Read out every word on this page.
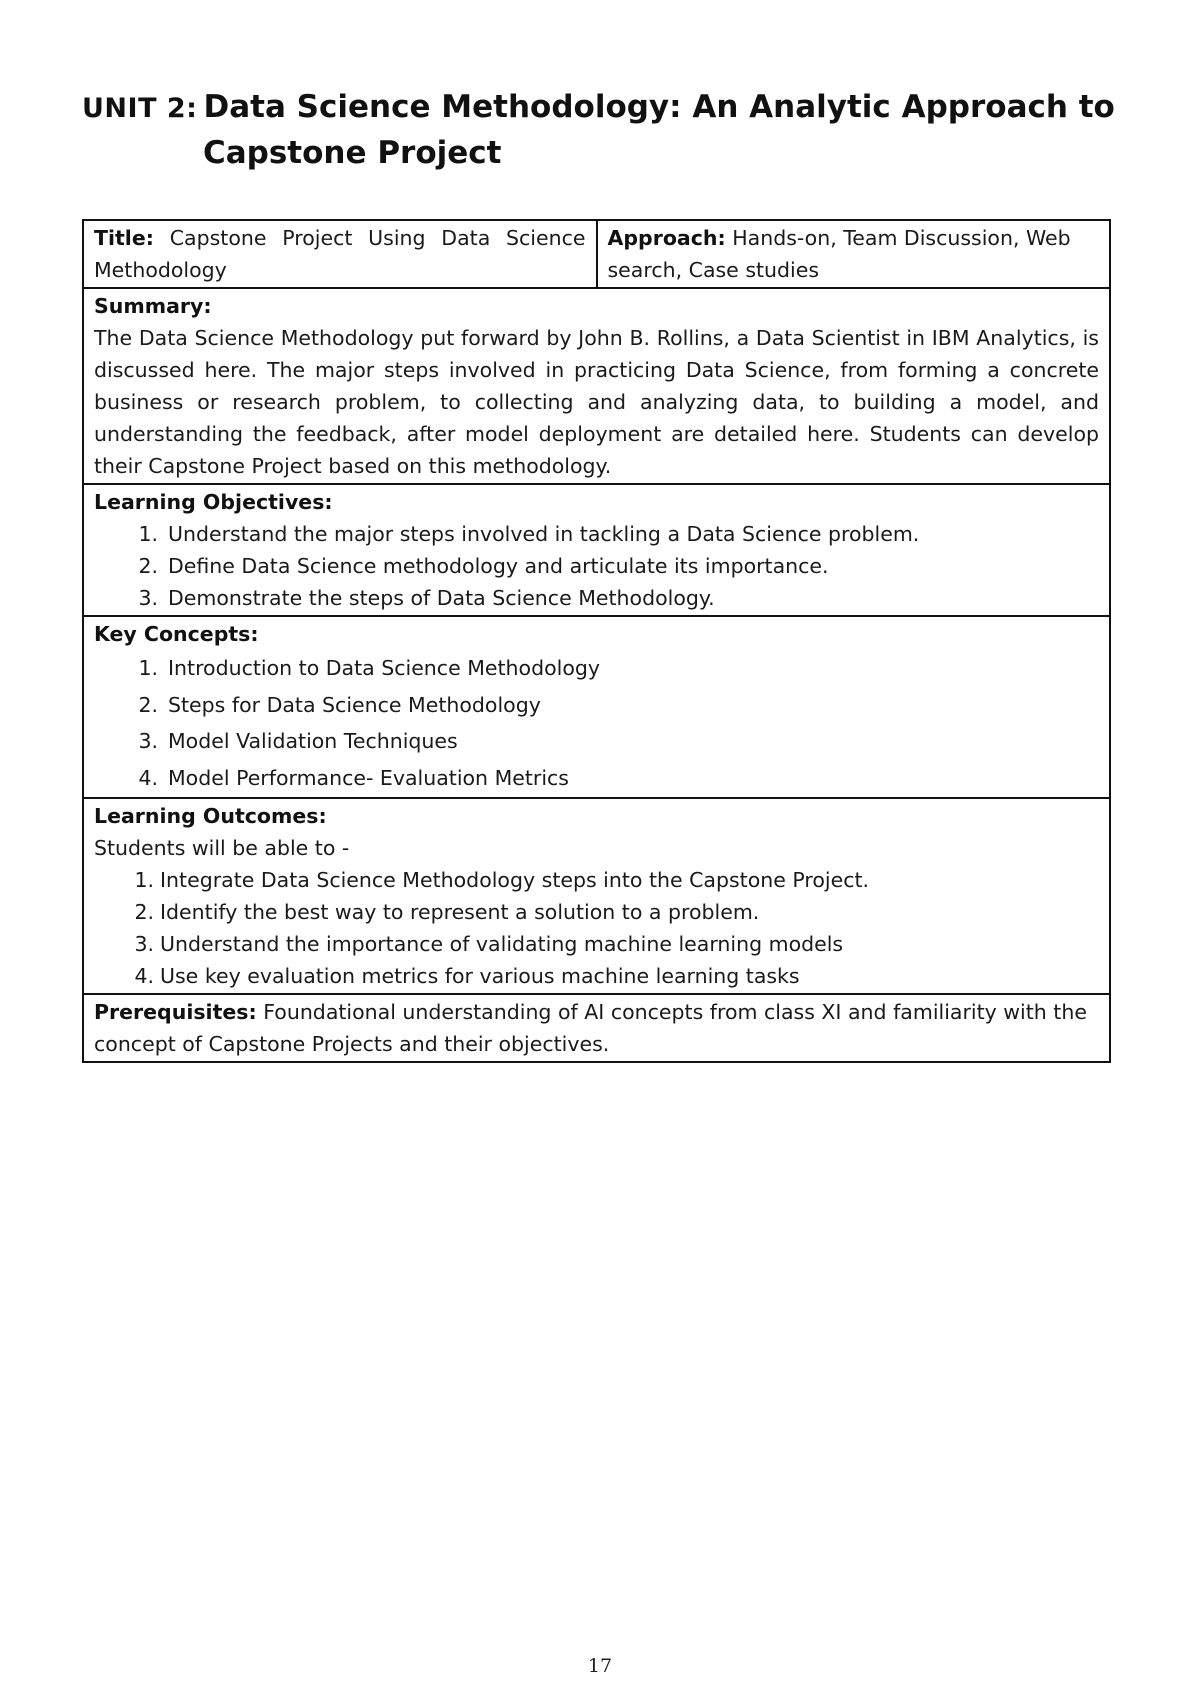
UNIT 2: Data Science Methodology: An Analytic Approach to
Capstone Project
Title: Capstone Project Using Data Science Methodology	Approach: Hands-on, Team Discussion, Web search, Case studies

Summary:

The Data Science Methodology put forward by John B. Rollins, a Data Scientist in IBM Analytics, is discussed here. The major steps involved in practicing Data Science, from forming a concrete business or research problem, to collecting and analyzing data, to building a model, and understanding the feedback, after model deployment are detailed here. Students can develop their Capstone Project based on this methodology.

Learning Objectives:
1. Understand the major steps involved in tackling a Data Science problem.
2. Define Data Science methodology and articulate its importance.
3. Demonstrate the steps of Data Science Methodology.

Key Concepts:
1. Introduction to Data Science Methodology
2. Steps for Data Science Methodology
3. Model Validation Techniques
4. Model Performance- Evaluation Metrics

Learning Outcomes:
Students will be able to -
1. Integrate Data Science Methodology steps into the Capstone Project.
2. Identify the best way to represent a solution to a problem.
3. Understand the importance of validating machine learning models
4. Use key evaluation metrics for various machine learning tasks

Prerequisites: Foundational understanding of AI concepts from class XI and familiarity with the concept of Capstone Projects and their objectives.
17
